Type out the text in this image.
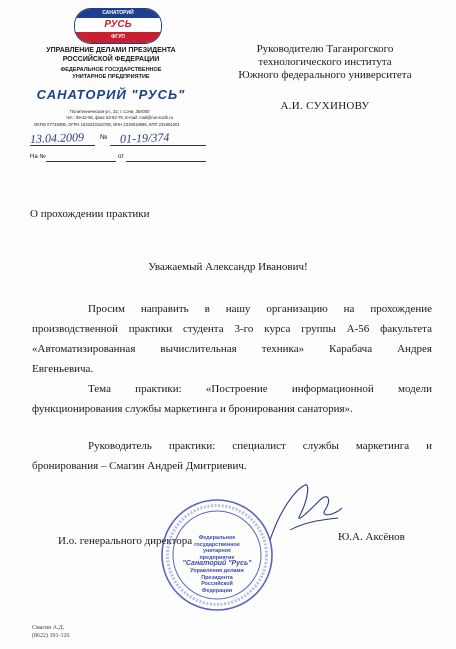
САНАТОРИЙ
РУСЬ
ФГУП
УПРАВЛЕНИЕ ДЕЛАМИ ПРЕЗИДЕНТА
РОССИЙСКОЙ ФЕДЕРАЦИИ
ФЕДЕРАЛЬНОЕ ГОСУДАРСТВЕННОЕ
УНИТАРНОЕ ПРЕДПРИЯТИЕ
САНАТОРИЙ "РУСЬ"
Политехническая ул., 22, г. Сочи, 354000
тел.: 99-42-06, факс 53-52-79, E-mail: mail@rus-sochi.ru
ОКПО 07749306, ОГРН 1032310162780, ИНН 2319019596, КПП 231901001
13.04.2009 № 01-19/374
На №	от
Руководителю Таганрогского
технологического института
Южного федерального университета
А.И. СУХИНОВУ
О прохождении практики
Уважаемый Александр Иванович!
Просим направить в нашу организацию на прохождение
производственной практики студента 3-го курса группы А-56 факультета
«Автоматизированная вычислительная техника» Карабача Андрея
Евгеньевича.
Тема практики: «Построение информационной модели
функционирования службы маркетинга и бронирования санатория».
Руководитель практики: специалист службы маркетинга и
бронирования – Смагин Андрей Дмитриевич.
И.о. генерального директора	Ю.А. Аксёнов
Федеральное
государственное
унитарное
предприятие
"Санаторий "Русь"
Управления делами
Президента
Российской
Федерации
Смагин А.Д.
(8622) 391-126
